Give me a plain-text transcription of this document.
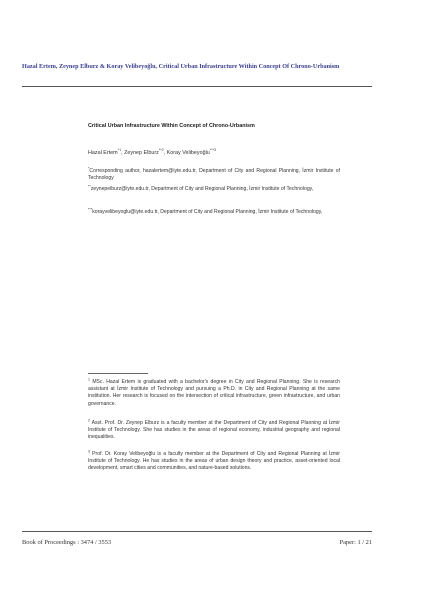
Hazal Ertem, Zeynep Elburz & Koray Velibeyoğlu, Critical Urban Infrastructure Within Concept Of Chrono-Urbanism
Critical Urban Infrastructure Within Concept of Chrono-Urbanism
Hazal Ertem$^{*1}$, Zeynep Elburz$^{**2}$, Koray Velibeyoğlu$^{***3}$
*Corresponding author, hazalertem@iyte.edu.tr, Department of City and Regional Planning, İzmir Institute of Technology
**zeynepelburz@iyte.edu.tr, Department of City and Regional Planning, İzmir Institute of Technology,
***korayvelibeyoglu@iyte.edu.tr, Department of City and Regional Planning, İzmir Institute of Technology,
$^1$ MSc. Hazal Ertem is graduated with a bachelor's degree in City and Regional Planning. She is research assistant at İzmir Institute of Technology and pursuing a Ph.D. in City and Regional Planning at the same institution. Her research is focused on the intersection of critical infrastructure, green infrastructure, and urban governance.
$^2$ Asst. Prof. Dr. Zeynep Elburz is a faculty member at the Department of City and Regional Planning at İzmir Institute of Technology. She has studies in the areas of regional economy, industrial geography and regional inequalities.
$^3$ Prof. Dr. Koray Velibeyoğlu is a faculty member at the Department of City and Regional Planning at İzmir Institute of Technology. He has studies in the areas of urban design theory and practice, asset-oriented local development, smart cities and communities, and nature-based solutions.
Book of Proceedings : 3474 / 3553	Paper: 1 / 21
